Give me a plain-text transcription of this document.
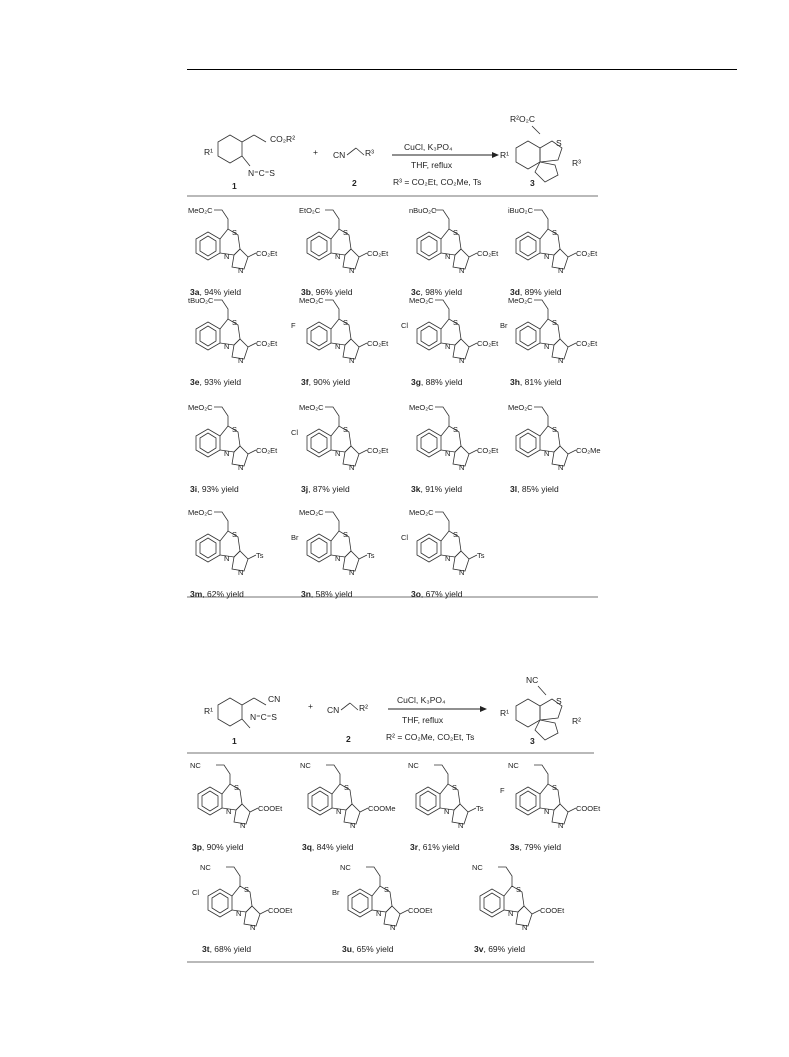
CO₂R²
R¹
N⁼C⁼S
1
+ CN R³
2
CuCl, K₃PO₄
THF, reflux
R³ = CO₂Et, CO₂Me, Ts
R²O₂C
S
R¹
R³
3
MeO₂C
S
N
N
CO₂Et
3a, 94% yield
EtO₂C
S
N
N
CO₂Et
3b, 96% yield
nBuO₂C
S
N
N
CO₂Et
3c, 98% yield
iBuO₂C
S
N
N
CO₂Et
3d, 89% yield
tBuO₂C
S
N
N
CO₂Et
3e, 93% yield
MeO₂C
S
N
N
CO₂Et
F
3f, 90% yield
MeO₂C
S
N
N
CO₂Et
Cl
3g, 88% yield
MeO₂C
S
N
N
CO₂Et
Br
3h, 81% yield
MeO₂C
S
N
N
CO₂Et
3i, 93% yield
MeO₂C
S
N
N
CO₂Et
Cl
3j, 87% yield
MeO₂C
S
N
N
CO₂Et
3k, 91% yield
MeO₂C
S
N
N
CO₂Me
3l, 85% yield
MeO₂C
S
N
N
Ts
3m, 62% yield
MeO₂C
S
N
N
Ts
Br
3n, 58% yield
MeO₂C
S
N
N
Ts
Cl
3o, 67% yield
CN
R¹
N⁼C⁼S
1
+ CN R²
2
CuCl, K₃PO₄
THF, reflux
R² = CO₂Me, CO₂Et, Ts
NC
S
R¹
R²
3
NC
S
N
N
COOEt
3p, 90% yield
NC
S
N
N
COOMe
3q, 84% yield
NC
S
N
N
Ts
3r, 61% yield
NC
S
N
N
COOEt
F
3s, 79% yield
NC
S
N
N
COOEt
Cl
3t, 68% yield
NC
S
N
N
COOEt
Br
3u, 65% yield
NC
S
N
N
COOEt
3v, 69% yield
